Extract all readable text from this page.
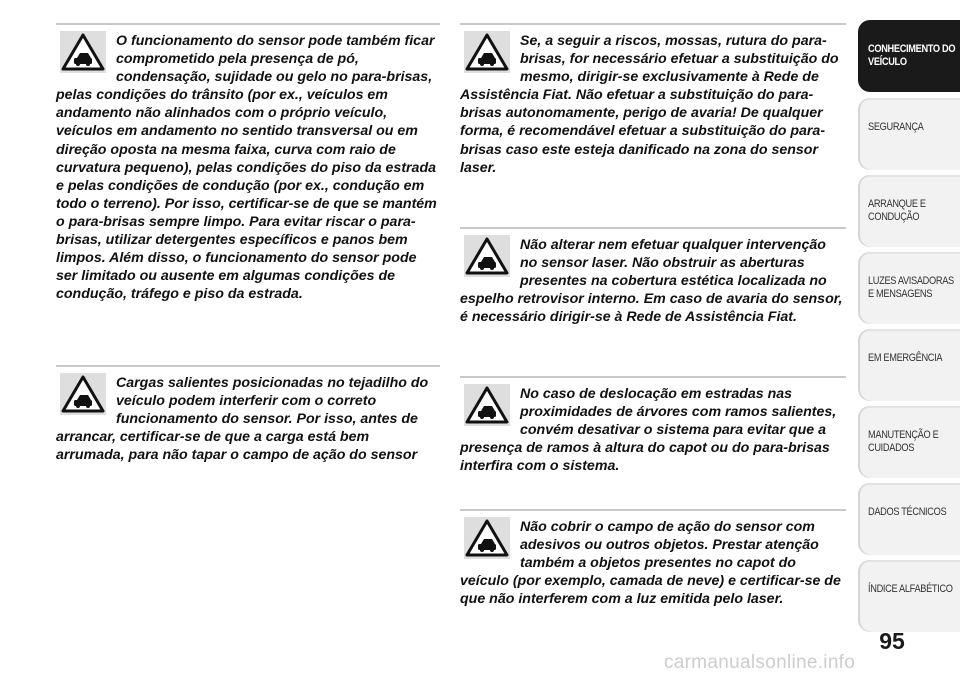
O funcionamento do sensor pode também ficar comprometido pela presença de pó, condensação, sujidade ou gelo no para-brisas, pelas condições do trânsito (por ex., veículos em andamento não alinhados com o próprio veículo, veículos em andamento no sentido transversal ou em direção oposta na mesma faixa, curva com raio de curvatura pequeno), pelas condições do piso da estrada e pelas condições de condução (por ex., condução em todo o terreno). Por isso, certificar-se de que se mantém o para-brisas sempre limpo. Para evitar riscar o para-brisas, utilizar detergentes específicos e panos bem limpos. Além disso, o funcionamento do sensor pode ser limitado ou ausente em algumas condições de condução, tráfego e piso da estrada.

Cargas salientes posicionadas no tejadilho do veículo podem interferir com o correto funcionamento do sensor. Por isso, antes de arrancar, certificar-se de que a carga está bem arrumada, para não tapar o campo de ação do sensor

Se, a seguir a riscos, mossas, rutura do para-brisas, for necessário efetuar a substituição do mesmo, dirigir-se exclusivamente à Rede de Assistência Fiat. Não efetuar a substituição do para-brisas autonomamente, perigo de avaria! De qualquer forma, é recomendável efetuar a substituição do para-brisas caso este esteja danificado na zona do sensor laser.

Não alterar nem efetuar qualquer intervenção no sensor laser. Não obstruir as aberturas presentes na cobertura estética localizada no espelho retrovisor interno. Em caso de avaria do sensor, é necessário dirigir-se à Rede de Assistência Fiat.

No caso de deslocação em estradas nas proximidades de árvores com ramos salientes, convém desativar o sistema para evitar que a presença de ramos à altura do capot ou do para-brisas interfira com o sistema.

Não cobrir o campo de ação do sensor com adesivos ou outros objetos. Prestar atenção também a objetos presentes no capot do veículo (por exemplo, camada de neve) e certificar-se de que não interferem com a luz emitida pelo laser.

CONHECIMENTO DO VEÍCULO
SEGURANÇA
ARRANQUE E CONDUÇÃO
LUZES AVISADORAS E MENSAGENS
EM EMERGÊNCIA
MANUTENÇÃO E CUIDADOS
DADOS TÉCNICOS
ÍNDICE ALFABÉTICO
95
carmanualsonline.info
